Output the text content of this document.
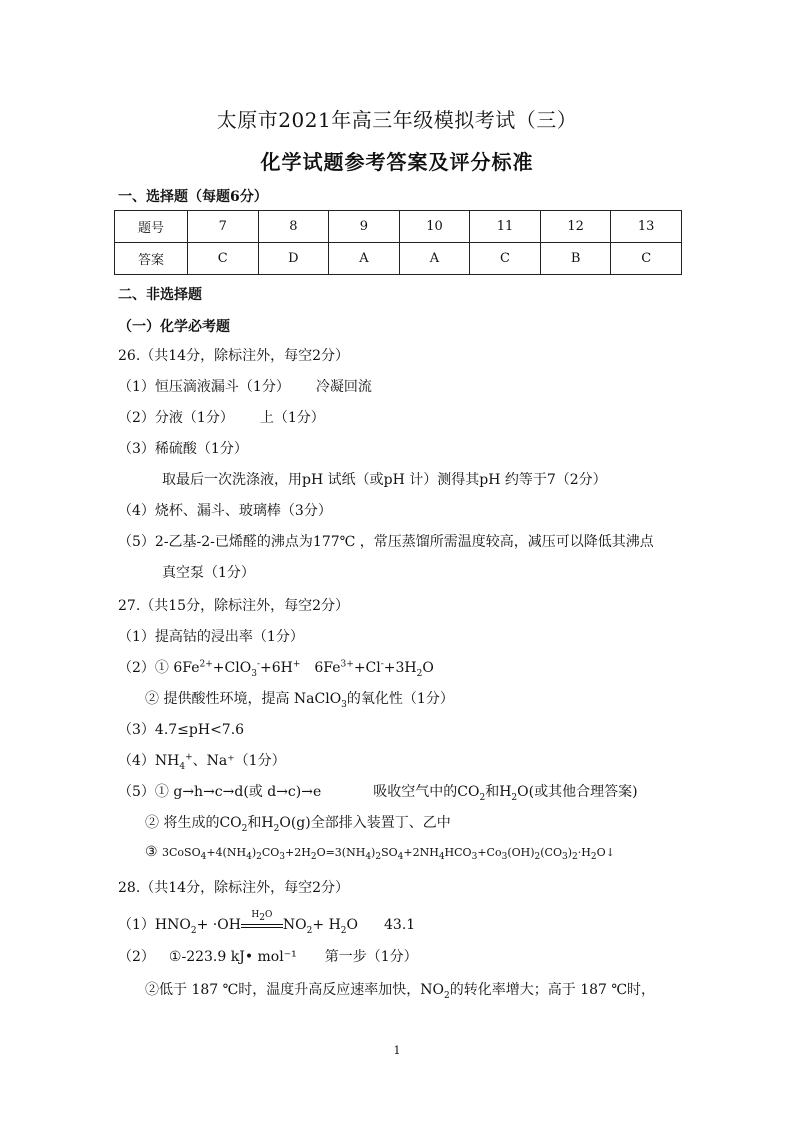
太原市2021年高三年级模拟考试（三）
化学试题参考答案及评分标准
一、选择题（每题6分）
题号	7	8	9	10	11	12	13
答案	C	D	A	A	C	B	C
二、非选择题
（一）化学必考题
26.（共14分，除标注外，每空2分）
（1）恒压滴液漏斗（1分） 冷凝回流
（2）分液（1分） 上（1分）
（3）稀硫酸（1分）
取最后一次洗涤液，用pH 试纸（或pH 计）测得其pH 约等于7（2分）
（4）烧杯、漏斗、玻璃棒（3分）
（5）2-乙基-2-已烯醛的沸点为177℃ ，常压蒸馏所需温度较高，减压可以降低其沸点
真空泵（1分）
27.（共15分，除标注外，每空2分）
（1）提高钴的浸出率（1分）
（2）① $6Fe^{2+}+ClO_3^-+6H^+$ $6Fe^{3+}+Cl^-+3H_2O$
② 提供酸性环境，提高 NaClO$_3$的氧化性（1分）
（3）4.7≤pH<7.6
$(4)NH_4^+$、Na⁺（1分）
（5）① g→h→c→d(或 d→c)→e	吸收空气中的$CO_2$和$H_2O$(或其他合理答案)
② 将生成的$CO_2$和$H_2O(g)$全部排入装置丁、乙中
③ $3CoSO_4+4(NH_4)_2CO_3+2H_2O=3(NH_4)_2SO_4+2NH_4HCO_3+Co_3(OH)_2(CO_3)_2\cdot H_2O↓$
28.（共14分，除标注外，每空2分）
$(1)HNO_2+ \cdot OH$
$H_2O$
$NO_2+ H_2O$ 43.1
（2） ①-223.9 kJ• mol⁻¹ 第一步（1分）
②低于 187 ℃时，温度升高反应速率加快，$NO_2$的转化率增大；高于 187 ℃时，
1
